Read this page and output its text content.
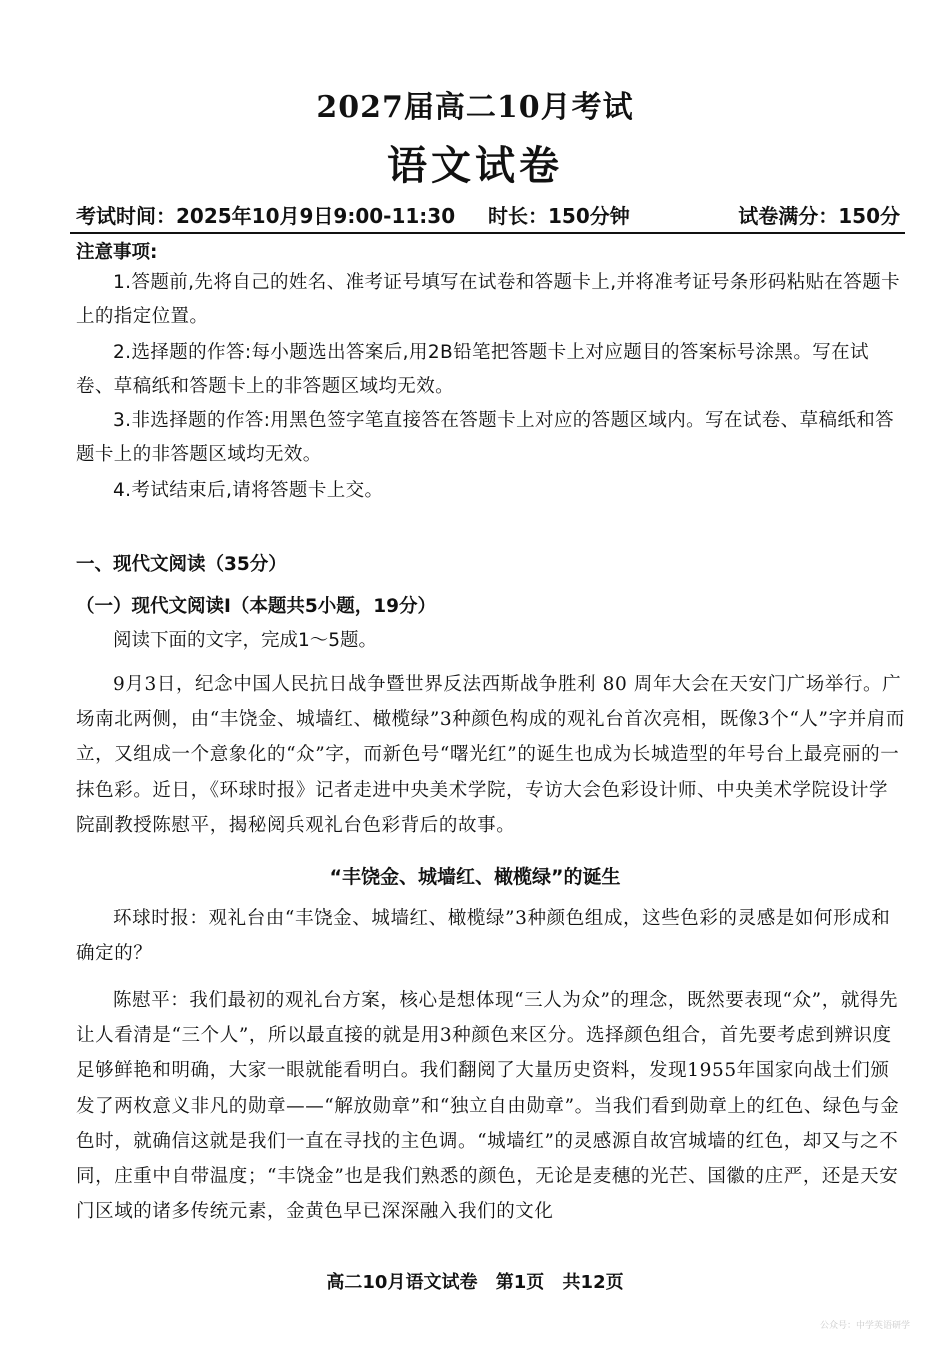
2027届高二10月考试
语文试卷
考试时间：2025年10月9日9:00-11:30 时长：150分钟	试卷满分：150分
注意事项:
1.答题前,先将自己的姓名、准考证号填写在试卷和答题卡上,并将准考证号条形码粘贴在答题卡上的指定位置。
2.选择题的作答:每小题选出答案后,用2B铅笔把答题卡上对应题目的答案标号涂黑。写在试卷、草稿纸和答题卡上的非答题区域均无效。
3.非选择题的作答:用黑色签字笔直接答在答题卡上对应的答题区域内。写在试卷、草稿纸和答题卡上的非答题区域均无效。
4.考试结束后,请将答题卡上交。
一、现代文阅读（35分）
（一）现代文阅读Ⅰ（本题共5小题，19分）
阅读下面的文字，完成1～5题。
9月3日，纪念中国人民抗日战争暨世界反法西斯战争胜利 80 周年大会在天安门广场举行。广场南北两侧，由“丰饶金、城墙红、橄榄绿”3种颜色构成的观礼台首次亮相，既像3个“人”字并肩而立，又组成一个意象化的“众”字，而新色号“曙光红”的诞生也成为长城造型的年号台上最亮丽的一抹色彩。近日，《环球时报》记者走进中央美术学院，专访大会色彩设计师、中央美术学院设计学院副教授陈慰平，揭秘阅兵观礼台色彩背后的故事。
“丰饶金、城墙红、橄榄绿”的诞生
环球时报：观礼台由“丰饶金、城墙红、橄榄绿”3种颜色组成，这些色彩的灵感是如何形成和确定的？
陈慰平：我们最初的观礼台方案，核心是想体现“三人为众”的理念，既然要表现“众”，就得先让人看清是“三个人”，所以最直接的就是用3种颜色来区分。选择颜色组合，首先要考虑到辨识度足够鲜艳和明确，大家一眼就能看明白。我们翻阅了大量历史资料，发现1955年国家向战士们颁发了两枚意义非凡的勋章——“解放勋章”和“独立自由勋章”。当我们看到勋章上的红色、绿色与金色时，就确信这就是我们一直在寻找的主色调。“城墙红”的灵感源自故宫城墙的红色，却又与之不同，庄重中自带温度；“丰饶金”也是我们熟悉的颜色，无论是麦穗的光芒、国徽的庄严，还是天安门区域的诸多传统元素，金黄色早已深深融入我们的文化
高二10月语文试卷 第1页 共12页
公众号：中学英语研学
